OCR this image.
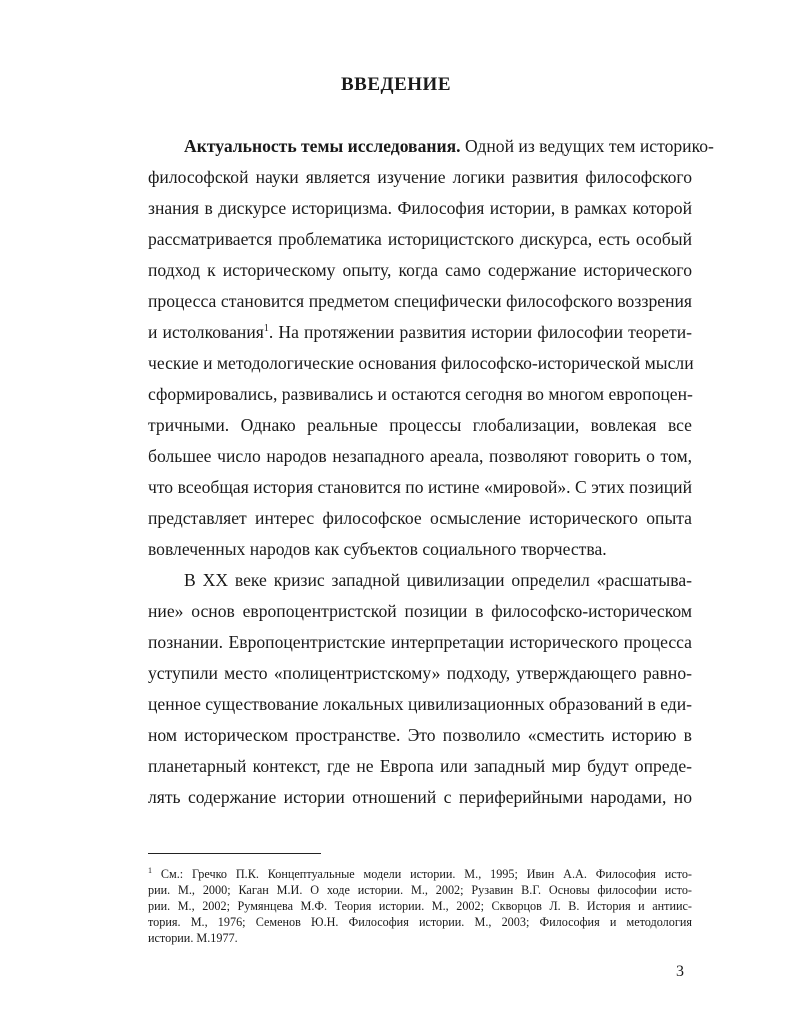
ВВЕДЕНИЕ
Актуальность темы исследования. Одной из ведущих тем историко-
философской науки является изучение логики развития философского
знания в дискурсе историцизма. Философия истории, в рамках которой
рассматривается проблематика историцистского дискурса, есть особый
подход к историческому опыту, когда само содержание исторического
процесса становится предметом специфически философского воззрения
и истолкования$^1$. На протяжении развития истории философии теорети-
ческие и методологические основания философско-исторической мысли
сформировались, развивались и остаются сегодня во многом европоцен-
тричными. Однако реальные процессы глобализации, вовлекая все
большее число народов незападного ареала, позволяют говорить о том,
что всеобщая история становится по истине «мировой». С этих позиций
представляет интерес философское осмысление исторического опыта
вовлеченных народов как субъектов социального творчества.
В XX веке кризис западной цивилизации определил «расшатыва-
ние» основ европоцентристской позиции в философско-историческом
познании. Европоцентристские интерпретации исторического процесса
уступили место «полицентристскому» подходу, утверждающего равно-
ценное существование локальных цивилизационных образований в еди-
ном историческом пространстве. Это позволило «сместить историю в
планетарный контекст, где не Европа или западный мир будут опреде-
лять содержание истории отношений с периферийными народами, но
$^1$ См.: Гречко П.К. Концептуальные модели истории. М., 1995; Ивин А.А. Философия исто-
рии. М., 2000; Каган М.И. О ходе истории. М., 2002; Рузавин В.Г. Основы философии исто-
рии. М., 2002; Румянцева М.Ф. Теория истории. М., 2002; Скворцов Л. В. История и антиис-
тория. М., 1976; Семенов Ю.Н. Философия истории. М., 2003; Философия и методология
истории. М.1977.
3
